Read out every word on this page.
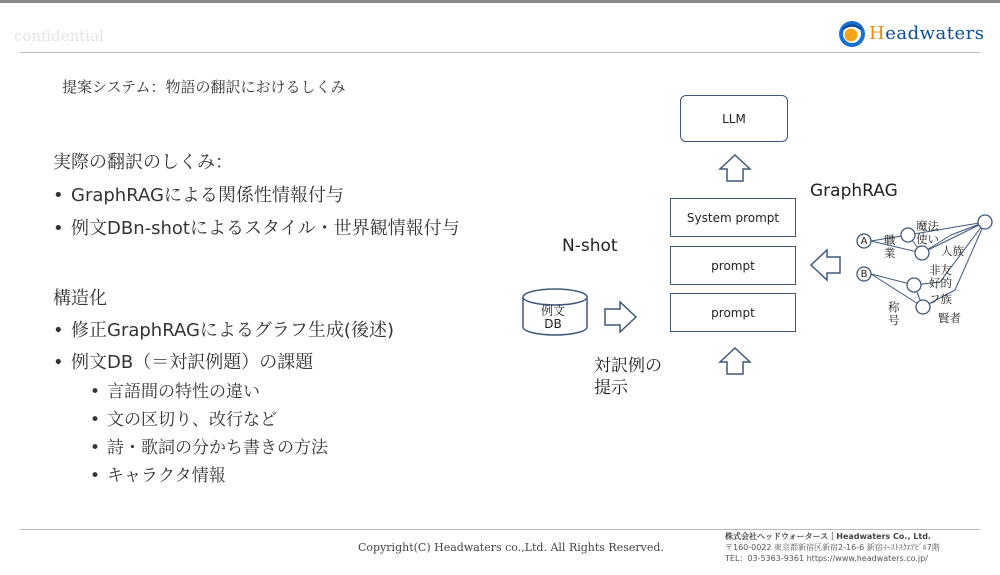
confidential	Headwaters
提案システム：物語の翻訳におけるしくみ
実際の翻訳のしくみ：
• GraphRAGによる関係性情報付与
• 例文DBn-shotによるスタイル・世界観情報付与
構造化
• 修正GraphRAGによるグラフ生成(後述)
• 例文DB（＝対訳例題）の課題
• 言語間の特性の違い
• 文の区切り、改行など
• 詩・歌詞の分かち書きの方法
• キャラクタ情報
LLM
System prompt
prompt
prompt
N-shot
GraphRAG
対訳例の
提示
例文
DB
A
B
職
業
魔法
使い
人族
非友
好的
フ族
称
号	賢者
Copyright(C) Headwaters co.,Ltd. All Rights Reserved.
株式会社ヘッドウォータース｜Headwaters Co., Ltd.
〒160-0022 東京都新宿区新宿2-16-6 新宿ｲｰｽﾄｽｸｴｱﾋﾞﾙ7階
TEL：03-5363-9361 https://www.headwaters.co.jp/
